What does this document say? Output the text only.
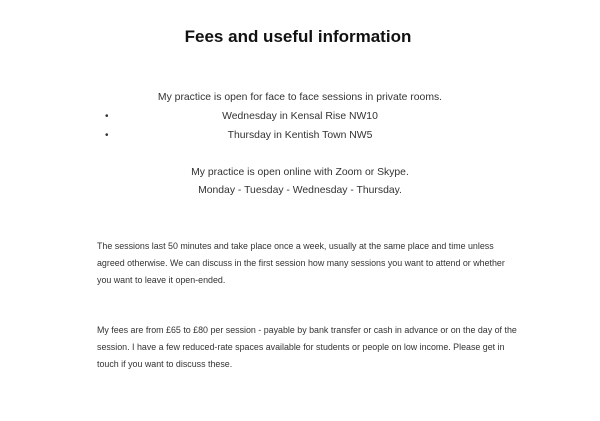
Fees and useful information

My practice is open for face to face sessions in private rooms.

•	Wednesday in Kensal Rise NW10
•	Thursday in Kentish Town NW5

My practice is open online with Zoom or Skype.

Monday - Tuesday - Wednesday - Thursday.

The sessions last 50 minutes and take place once a week, usually at the same place and time unless agreed otherwise. We can discuss in the first session how many sessions you want to attend or whether you want to leave it open-ended.

My fees are from £65 to £80 per session - payable by bank transfer or cash in advance or on the day of the session. I have a few reduced-rate spaces available for students or people on low income. Please get in touch if you want to discuss these.
